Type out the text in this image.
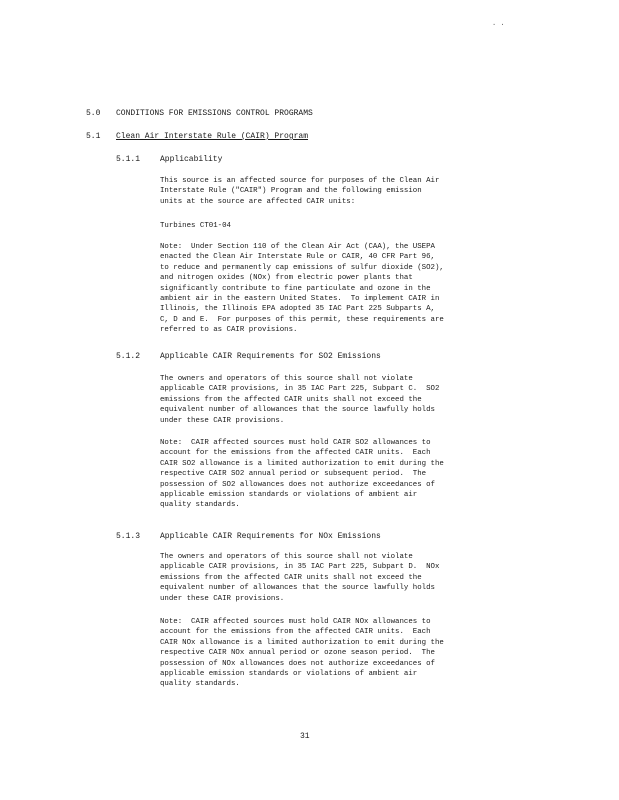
. .
5.0 CONDITIONS FOR EMISSIONS CONTROL PROGRAMS
5.1 Clean Air Interstate Rule (CAIR) Program
5.1.1 Applicability
This source is an affected source for purposes of the Clean Air
Interstate Rule ("CAIR") Program and the following emission
units at the source are affected CAIR units:
Turbines CT01-04
Note:  Under Section 110 of the Clean Air Act (CAA), the USEPA
enacted the Clean Air Interstate Rule or CAIR, 40 CFR Part 96,
to reduce and permanently cap emissions of sulfur dioxide (SO2),
and nitrogen oxides (NOx) from electric power plants that
significantly contribute to fine particulate and ozone in the
ambient air in the eastern United States.  To implement CAIR in
Illinois, the Illinois EPA adopted 35 IAC Part 225 Subparts A,
C, D and E.  For purposes of this permit, these requirements are
referred to as CAIR provisions.
5.1.2 Applicable CAIR Requirements for SO2 Emissions
The owners and operators of this source shall not violate
applicable CAIR provisions, in 35 IAC Part 225, Subpart C.  SO2
emissions from the affected CAIR units shall not exceed the
equivalent number of allowances that the source lawfully holds
under these CAIR provisions.
Note:  CAIR affected sources must hold CAIR SO2 allowances to
account for the emissions from the affected CAIR units.  Each
CAIR SO2 allowance is a limited authorization to emit during the
respective CAIR SO2 annual period or subsequent period.  The
possession of SO2 allowances does not authorize exceedances of
applicable emission standards or violations of ambient air
quality standards.
5.1.3 Applicable CAIR Requirements for NOx Emissions
The owners and operators of this source shall not violate
applicable CAIR provisions, in 35 IAC Part 225, Subpart D.  NOx
emissions from the affected CAIR units shall not exceed the
equivalent number of allowances that the source lawfully holds
under these CAIR provisions.
Note:  CAIR affected sources must hold CAIR NOx allowances to
account for the emissions from the affected CAIR units.  Each
CAIR NOx allowance is a limited authorization to emit during the
respective CAIR NOx annual period or ozone season period.  The
possession of NOx allowances does not authorize exceedances of
applicable emission standards or violations of ambient air
quality standards.
31
